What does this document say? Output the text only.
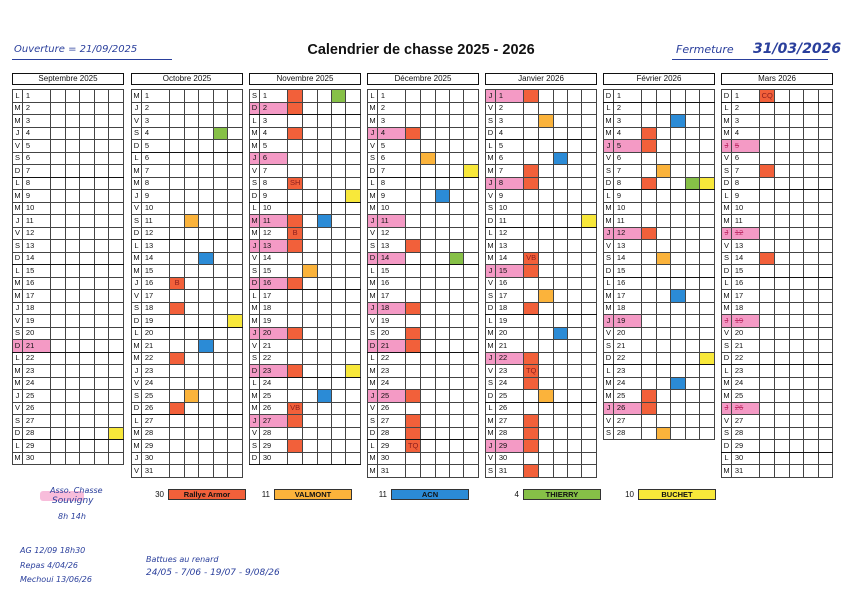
Ouverture = 21/09/2025	Calendrier de chasse 2025 - 2026	Fermeture 31/03/2026
Septembre 2025
L	1					
M	2					
M	3					
J	4					
V	5					
S	6					
D	7					
L	8					
M	9					
M	10					
J	11					
V	12					
S	13					
D	14					
L	15					
M	16					
M	17					
J	18					
V	19					
S	20					
D	21					
L	22					
M	23					
M	24					
J	25					
V	26					
S	27					
D	28					
L	29					
M	30					
Octobre 2025
M	1					
J	2					
V	3					
S	4					
D	5					
L	6					
M	7					
M	8					
J	9					
V	10					
S	11					
D	12					
L	13					
M	14					
M	15					
J	16	B				
V	17					
S	18					
D	19					
L	20					
M	21					
M	22					
J	23					
V	24					
S	25					
D	26					
L	27					
M	28					
M	29					
J	30					
V	31					
Novembre 2025
S	1					
D	2					
L	3					
M	4					
M	5					
J	6					
V	7					
S	8	SH				
D	9					
L	10					
M	11					
M	12	B				
J	13					
V	14					
S	15					
D	16					
L	17					
M	18					
M	19					
J	20					
V	21					
S	22					
D	23					
L	24					
M	25					
M	26	VB				
J	27					
V	28					
S	29					
D	30					
Décembre 2025
L	1					
M	2					
M	3					
J	4					
V	5					
S	6					
D	7					
L	8					
M	9					
M	10					
J	11					
V	12					
S	13					
D	14					
L	15					
M	16					
M	17					
J	18					
V	19					
S	20					
D	21					
L	22					
M	23					
M	24					
J	25					
V	26					
S	27					
D	28					
L	29	TQ				
M	30					
M	31					
Janvier 2026
J	1					
V	2					
S	3					
D	4					
L	5					
M	6					
M	7					
J	8					
V	9					
S	10					
D	11					
L	12					
M	13					
M	14	VB				
J	15					
V	16					
S	17					
D	18					
L	19					
M	20					
M	21					
J	22					
V	23	TQ				
S	24					
D	25					
L	26					
M	27					
M	28					
J	29					
V	30					
S	31					
Février 2026
D	1					
L	2					
M	3					
M	4					
J	5					
V	6					
S	7					
D	8					
L	9					
M	10					
M	11					
J	12					
V	13					
S	14					
D	15					
L	16					
M	17					
M	18					
J	19					
V	20					
S	21					
D	22					
L	23					
M	24					
M	25					
J	26					
V	27					
S	28					
Mars 2026
D	1	CQ				
L	2					
M	3					
M	4					
J	5					
V	6					
S	7					
D	8					
L	9					
M	10					
M	11					
J	12					
V	13					
S	14					
D	15					
L	16					
M	17					
M	18					
J	19					
V	20					
S	21					
D	22					
L	23					
M	24					
M	25					
J	26					
V	27					
S	28					
D	29					
L	30					
M	31					
30	Rallye Armor	11	VALMONT	11	ACN	4	THIERRY	10	BUCHET
Asso. Chasse
Souvigny
8h 14h
AG 12/09 18h30
Repas 4/04/26
Mechoui 13/06/26
Battues au renard
24/05 - 7/06 - 19/07 - 9/08/26
